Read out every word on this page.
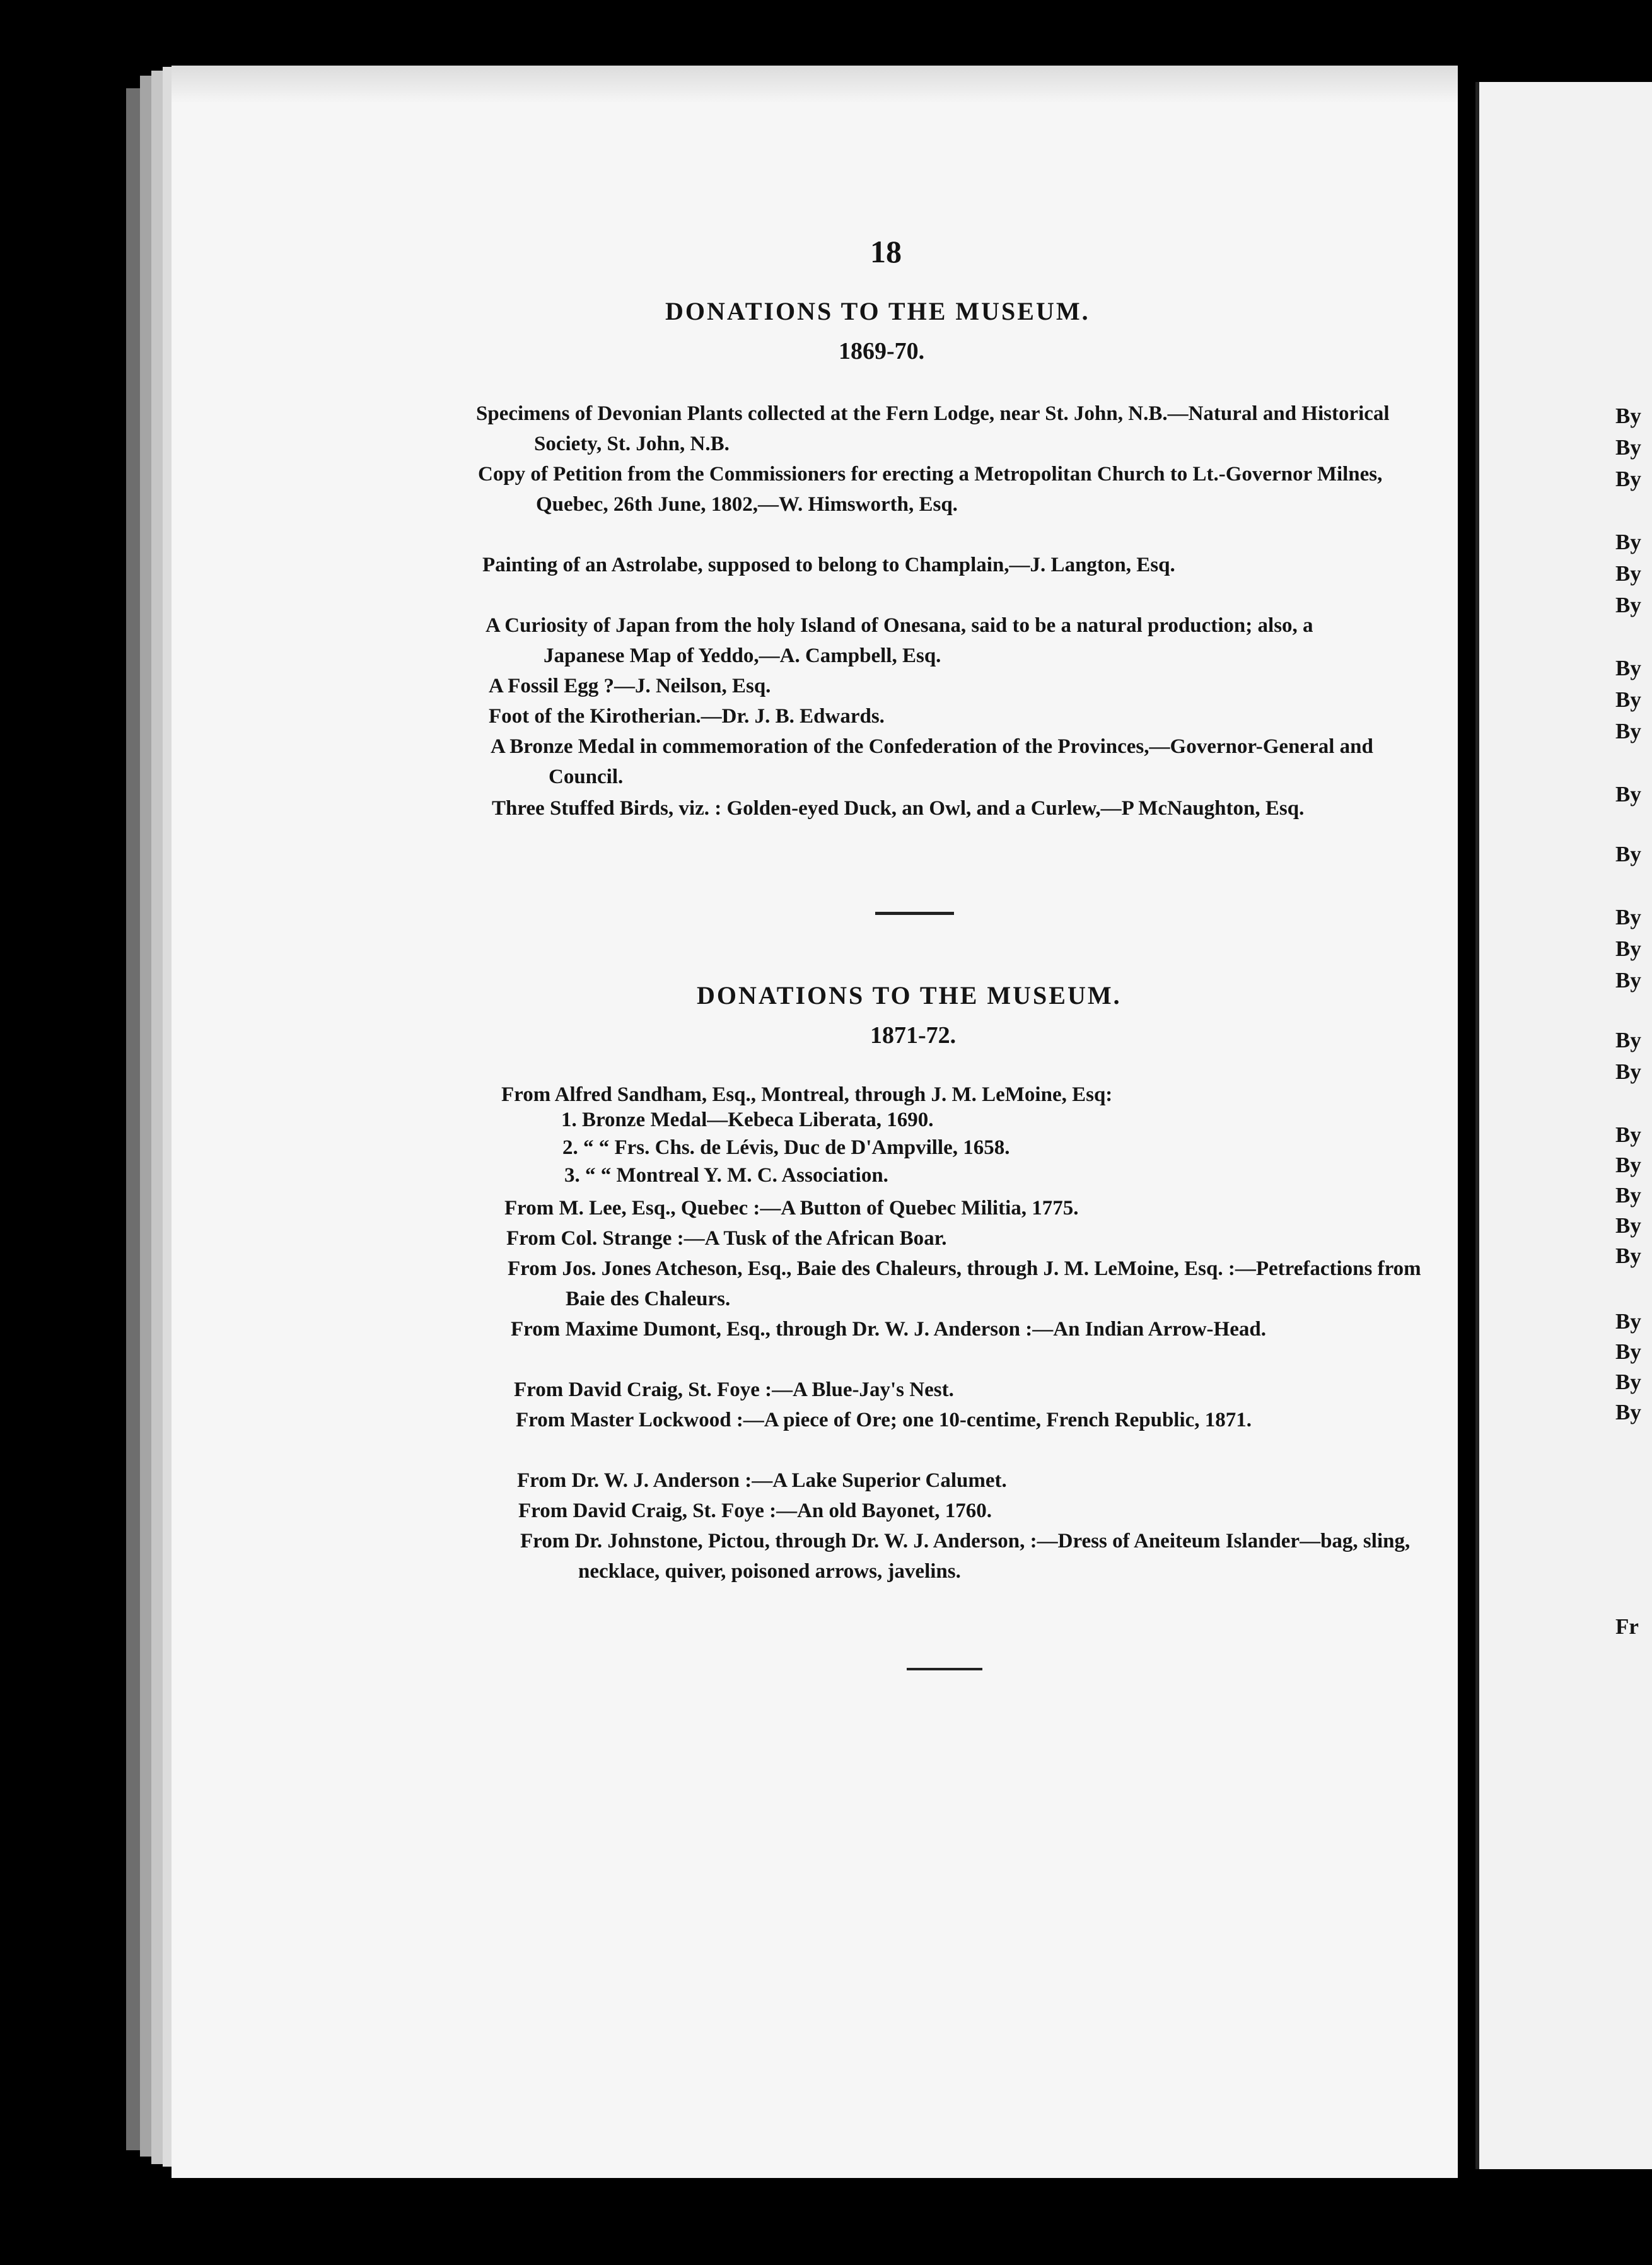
18
DONATIONS TO THE MUSEUM.
1869-70.
Specimens of Devonian Plants collected at the Fern Lodge, near St. John, N.B.—Natural and Historical Society, St. John, N.B.
Copy of Petition from the Commissioners for erecting a Metropolitan Church to Lt.-Governor Milnes, Quebec, 26th June, 1802,—W. Himsworth, Esq.
Painting of an Astrolabe, supposed to belong to Champlain,—J. Langton, Esq.
A Curiosity of Japan from the holy Island of Onesana, said to be a natural production; also, a Japanese Map of Yeddo,—A. Campbell, Esq.
A Fossil Egg ?—J. Neilson, Esq.
Foot of the Kirotherian.—Dr. J. B. Edwards.
A Bronze Medal in commemoration of the Confederation of the Provinces,—Governor-General and Council.
Three Stuffed Birds, viz. : Golden-eyed Duck, an Owl, and a Curlew,—P McNaughton, Esq.
DONATIONS TO THE MUSEUM.
1871-72.
From Alfred Sandham, Esq., Montreal, through J. M. LeMoine, Esq:
1. Bronze Medal—Kebeca Liberata, 1690.
2. “ “ Frs. Chs. de Lévis, Duc de D'Ampville, 1658.
3. “ “ Montreal Y. M. C. Association.
From M. Lee, Esq., Quebec :—A Button of Quebec Militia, 1775.
From Col. Strange :—A Tusk of the African Boar.
From Jos. Jones Atcheson, Esq., Baie des Chaleurs, through J. M. LeMoine, Esq. :—Petrefactions from Baie des Chaleurs.
From Maxime Dumont, Esq., through Dr. W. J. Anderson :—An Indian Arrow-Head.
From David Craig, St. Foye :—A Blue-Jay's Nest.
From Master Lockwood :—A piece of Ore; one 10-centime, French Republic, 1871.
From Dr. W. J. Anderson :—A Lake Superior Calumet.
From David Craig, St. Foye :—An old Bayonet, 1760.
From Dr. Johnstone, Pictou, through Dr. W. J. Anderson, :—Dress of Aneiteum Islander—bag, sling, necklace, quiver, poisoned arrows, javelins.
By
By
By
By
By
By
By
By
By
By
By
By
By
By
By
By
By
By
By
By
By
By
By
By
By
Fr
